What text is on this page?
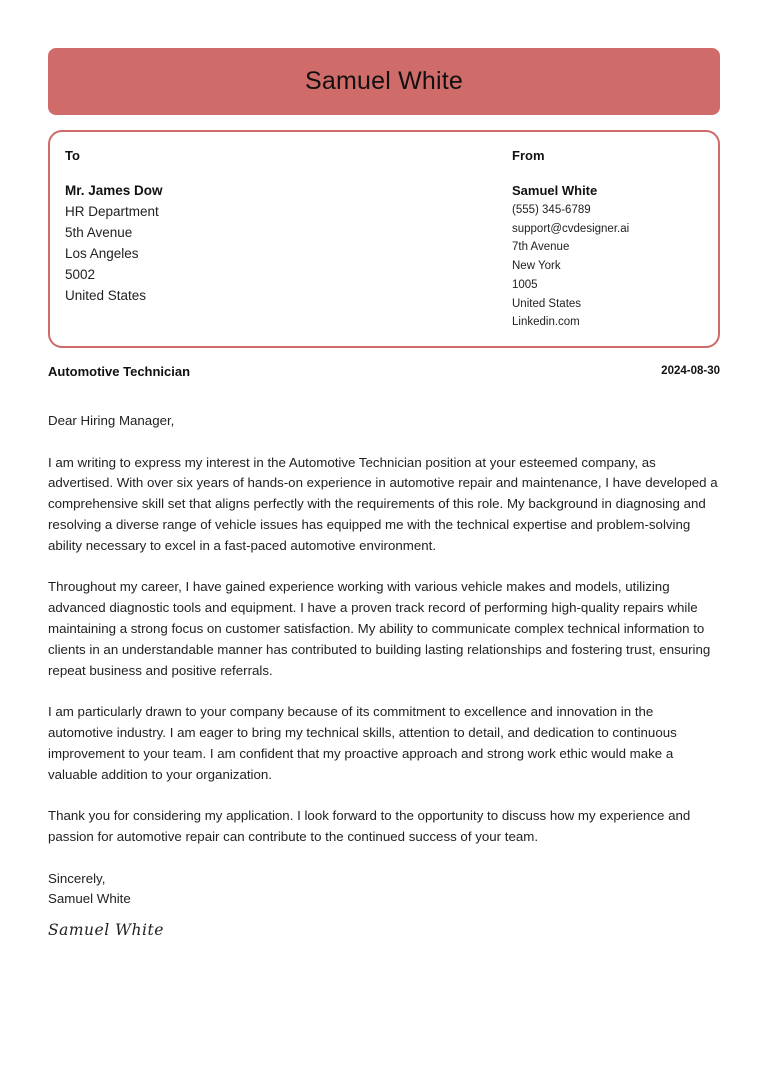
Samuel White
To
Mr. James Dow
HR Department
5th Avenue
Los Angeles
5002
United States
From
Samuel White
(555) 345-6789
support@cvdesigner.ai
7th Avenue
New York
1005
United States
Linkedin.com
Automotive Technician	2024-08-30

Dear Hiring Manager,

I am writing to express my interest in the Automotive Technician position at your esteemed company, as advertised. With over six years of hands-on experience in automotive repair and maintenance, I have developed a comprehensive skill set that aligns perfectly with the requirements of this role. My background in diagnosing and resolving a diverse range of vehicle issues has equipped me with the technical expertise and problem-solving ability necessary to excel in a fast-paced automotive environment.

Throughout my career, I have gained experience working with various vehicle makes and models, utilizing advanced diagnostic tools and equipment. I have a proven track record of performing high-quality repairs while maintaining a strong focus on customer satisfaction. My ability to communicate complex technical information to clients in an understandable manner has contributed to building lasting relationships and fostering trust, ensuring repeat business and positive referrals.

I am particularly drawn to your company because of its commitment to excellence and innovation in the automotive industry. I am eager to bring my technical skills, attention to detail, and dedication to continuous improvement to your team. I am confident that my proactive approach and strong work ethic would make a valuable addition to your organization.

Thank you for considering my application. I look forward to the opportunity to discuss how my experience and passion for automotive repair can contribute to the continued success of your team.

Sincerely,
Samuel White
Samuel White
